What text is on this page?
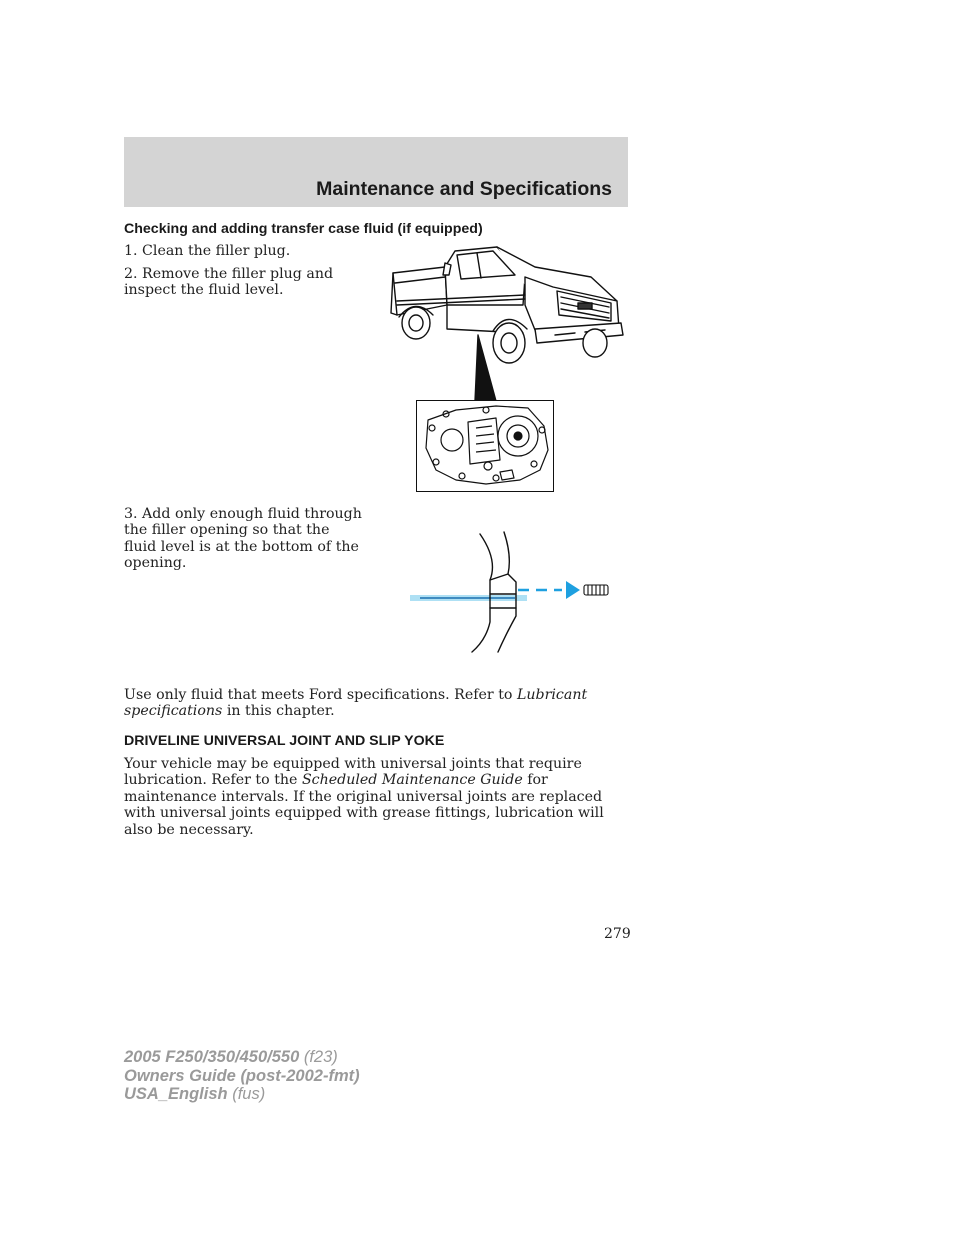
Maintenance and Specifications
Checking and adding transfer case fluid (if equipped)
1. Clean the filler plug.
2. Remove the filler plug and inspect the fluid level.
3. Add only enough fluid through the filler opening so that the fluid level is at the bottom of the opening.
Use only fluid that meets Ford specifications. Refer to Lubricant specifications in this chapter.
DRIVELINE UNIVERSAL JOINT AND SLIP YOKE
Your vehicle may be equipped with universal joints that require lubrication. Refer to the Scheduled Maintenance Guide for maintenance intervals. If the original universal joints are replaced with universal joints equipped with grease fittings, lubrication will also be necessary.
279
2005 F250/350/450/550 (f23)
Owners Guide (post-2002-fmt)
USA_English (fus)
